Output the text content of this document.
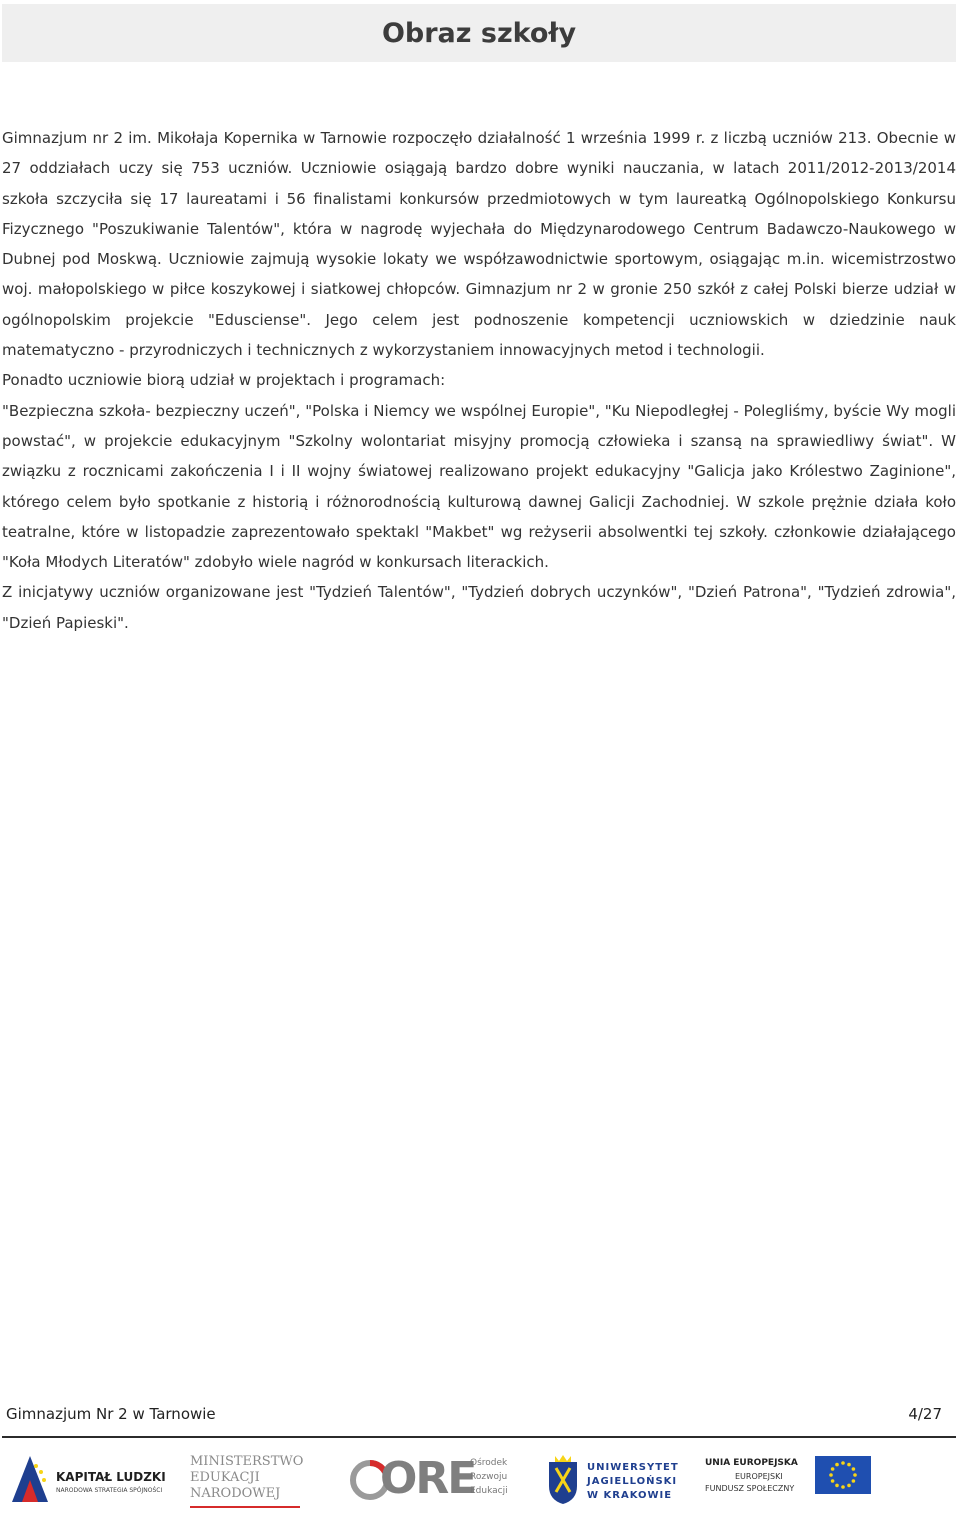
Obraz szkoły

Gimnazjum nr 2 im. Mikołaja Kopernika w Tarnowie rozpoczęło działalność 1 września 1999 r. z liczbą uczniów 213. Obecnie w 27 oddziałach uczy się 753 uczniów. Uczniowie osiągają bardzo dobre wyniki nauczania, w latach 2011/2012-2013/2014 szkoła szczyciła się 17 laureatami i 56 finalistami konkursów przedmiotowych w tym laureatką Ogólnopolskiego Konkursu Fizycznego "Poszukiwanie Talentów", która w nagrodę wyjechała do Międzynarodowego Centrum Badawczo-Naukowego w Dubnej pod Moskwą. Uczniowie zajmują wysokie lokaty we współzawodnictwie sportowym, osiągając m.in. wicemistrzostwo woj. małopolskiego w piłce koszykowej i siatkowej chłopców. Gimnazjum nr 2 w gronie 250 szkół z całej Polski bierze udział w ogólnopolskim projekcie "Edusciense". Jego celem jest podnoszenie kompetencji uczniowskich w dziedzinie nauk matematyczno - przyrodniczych i technicznych z wykorzystaniem innowacyjnych metod i technologii.

Ponadto uczniowie biorą udział w projektach i programach:

"Bezpieczna szkoła- bezpieczny uczeń", "Polska i Niemcy we wspólnej Europie", "Ku Niepodległej - Polegliśmy, byście Wy mogli powstać", w projekcie edukacyjnym "Szkolny wolontariat misyjny promocją człowieka i szansą na sprawiedliwy świat". W związku z rocznicami zakończenia I i II wojny światowej realizowano projekt edukacyjny "Galicja jako Królestwo Zaginione", którego celem było spotkanie z historią i różnorodnością kulturową dawnej Galicji Zachodniej. W szkole prężnie działa koło teatralne, które w listopadzie zaprezentowało spektakl "Makbet" wg reżyserii absolwentki tej szkoły. członkowie działającego "Koła Młodych Literatów" zdobyło wiele nagród w konkursach literackich.

Z inicjatywy uczniów organizowane jest "Tydzień Talentów", "Tydzień dobrych uczynków", "Dzień Patrona", "Tydzień zdrowia", "Dzień Papieski".

Gimnazjum Nr 2 w Tarnowie	4/27
KAPITAŁ LUDZKI
NARODOWA STRATEGIA SPÓJNOŚCI
MINISTERSTWO
EDUKACJI
NARODOWEJ ORE
Ośrodek
Rozwoju
Edukacji
UNIWERSYTET
JAGIELLOŃSKI
W KRAKOWIE
UNIA EUROPEJSKA
EUROPEJSKI
FUNDUSZ SPOŁECZNY
